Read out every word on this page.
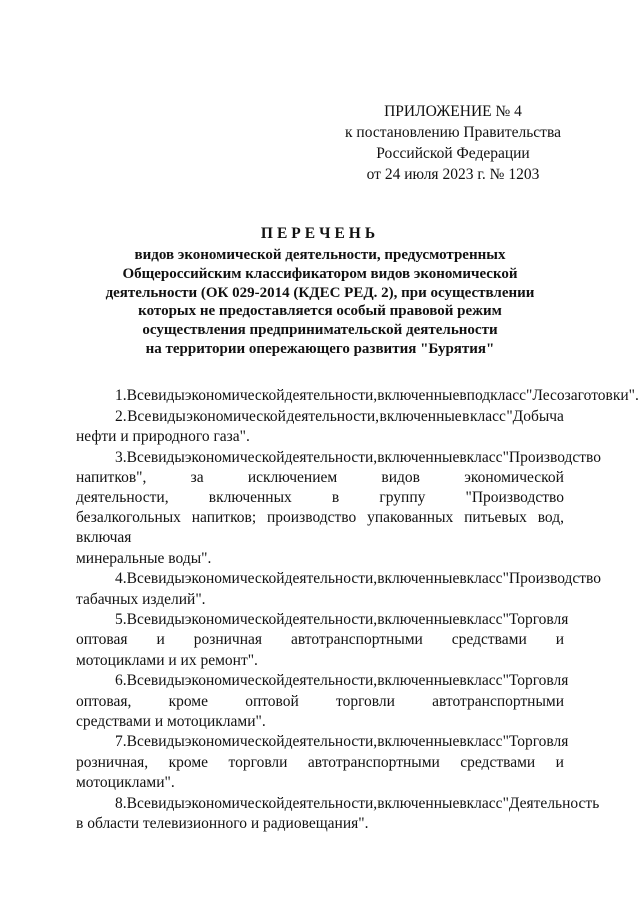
ПРИЛОЖЕНИЕ № 4
к постановлению Правительства
Российской Федерации
от 24 июля 2023 г. № 1203
ПЕРЕЧЕНЬ
видов экономической деятельности, предусмотренных
Общероссийским классификатором видов экономической
деятельности (ОК 029-2014 (КДЕС РЕД. 2), при осуществлении
которых не предоставляется особый правовой режим
осуществления предпринимательской деятельности
на территории опережающего развития "Бурятия"
1. Все виды экономической деятельности, включенные в подкласс "Лесозаготовки".
2. Все виды экономической деятельности, включенные в класс "Добыча
нефти и природного газа".
3. Все виды экономической деятельности, включенные в класс "Производство
напитков",	за	исключением	видов	экономической
деятельности,	включенных	в	группу	"Производство
безалкогольных напитков; производство упакованных питьевых вод,
включая
минеральные воды".
4. Все виды экономической деятельности, включенные в класс "Производство
табачных изделий".
5. Все виды экономической деятельности, включенные в класс "Торговля
оптовая и розничная автотранспортными средствами и
мотоциклами и их ремонт".
6. Все виды экономической деятельности, включенные в класс "Торговля
оптовая, кроме оптовой торговли автотранспортными
средствами и мотоциклами".
7. Все виды экономической деятельности, включенные в класс "Торговля
розничная, кроме торговли автотранспортными средствами и
мотоциклами".
8. Все виды экономической деятельности, включенные в класс "Деятельность
в области телевизионного и радиовещания".
